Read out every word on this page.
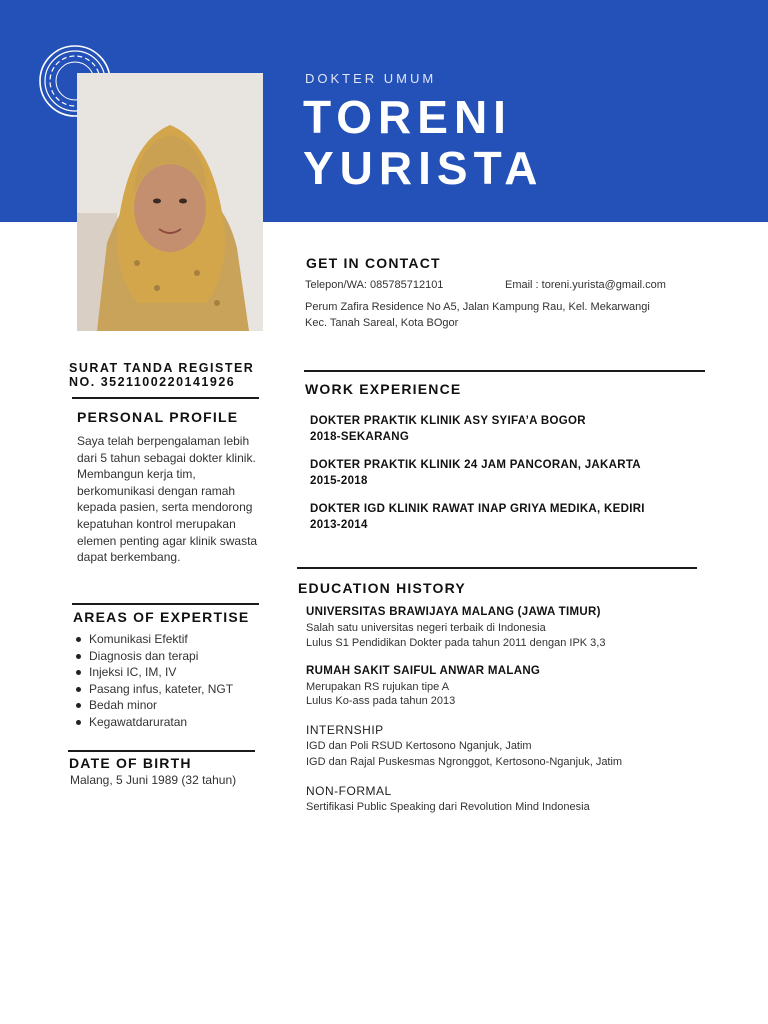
DOKTER UMUM
TORENI
YURISTA
GET IN CONTACT
Telepon/WA: 085785712101	Email : toreni.yurista@gmail.com
Perum Zafira Residence No A5, Jalan Kampung Rau, Kel. Mekarwangi
Kec. Tanah Sareal, Kota BOgor
SURAT TANDA REGISTER
NO. 3521100220141926
PERSONAL PROFILE
Saya telah berpengalaman lebih dari 5 tahun sebagai dokter klinik. Membangun kerja tim, berkomunikasi dengan ramah kepada pasien, serta mendorong kepatuhan kontrol merupakan elemen penting agar klinik swasta dapat berkembang.
AREAS OF EXPERTISE
Komunikasi Efektif
Diagnosis dan terapi
Injeksi IC, IM, IV
Pasang infus, kateter, NGT
Bedah minor
Kegawatdaruratan
DATE OF BIRTH
Malang, 5 Juni 1989 (32 tahun)
WORK EXPERIENCE
DOKTER PRAKTIK KLINIK ASY SYIFA’A BOGOR
2018-SEKARANG
DOKTER PRAKTIK KLINIK 24 JAM PANCORAN, JAKARTA
2015-2018
DOKTER IGD KLINIK RAWAT INAP GRIYA MEDIKA, KEDIRI
2013-2014
EDUCATION HISTORY
UNIVERSITAS BRAWIJAYA MALANG (JAWA TIMUR)
Salah satu universitas negeri terbaik di Indonesia
Lulus S1 Pendidikan Dokter pada tahun 2011 dengan IPK 3,3
RUMAH SAKIT SAIFUL ANWAR MALANG
Merupakan RS rujukan tipe A
Lulus Ko-ass pada tahun 2013
INTERNSHIP
IGD dan Poli RSUD Kertosono Nganjuk, Jatim
IGD dan Rajal Puskesmas Ngronggot, Kertosono-Nganjuk, Jatim
NON-FORMAL
Sertifikasi Public Speaking dari Revolution Mind Indonesia
